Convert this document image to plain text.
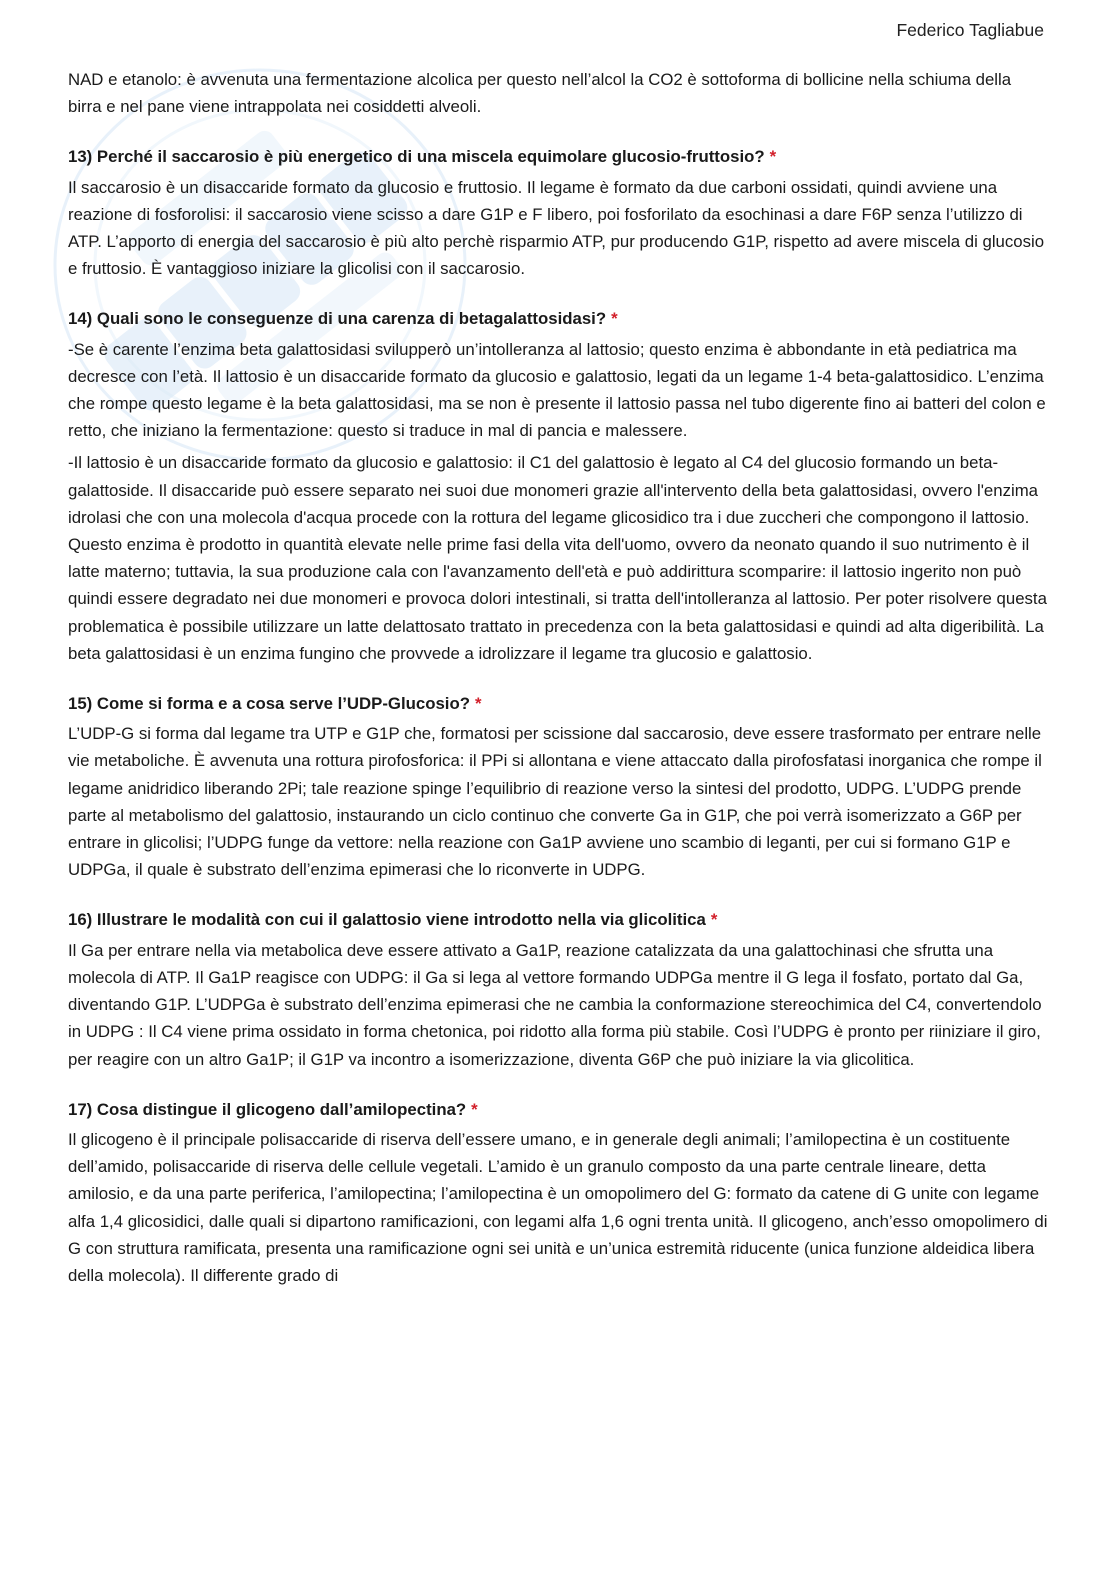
Federico Tagliabue

NAD e etanolo: è avvenuta una fermentazione alcolica per questo nell’alcol la CO2 è sottoforma di bollicine nella schiuma della birra e nel pane viene intrappolata nei cosiddetti alveoli.

13) Perché il saccarosio è più energetico di una miscela equimolare glucosio-fruttosio? *

Il saccarosio è un disaccaride formato da glucosio e fruttosio. Il legame è formato da due carboni ossidati, quindi avviene una reazione di fosforolisi: il saccarosio viene scisso a dare G1P e F libero, poi fosforilato da esochinasi a dare F6P senza l’utilizzo di ATP. L’apporto di energia del saccarosio è più alto perchè risparmio ATP, pur producendo G1P, rispetto ad avere miscela di glucosio e fruttosio. È vantaggioso iniziare la glicolisi con il saccarosio.

14) Quali sono le conseguenze di una carenza di betagalattosidasi? *

-Se è carente l’enzima beta galattosidasi svilupperò un’intolleranza al lattosio; questo enzima è abbondante in età pediatrica ma decresce con l’età. Il lattosio è un disaccaride formato da glucosio e galattosio, legati da un legame 1-4 beta-galattosidico. L’enzima che rompe questo legame è la beta galattosidasi, ma se non è presente il lattosio passa nel tubo digerente fino ai batteri del colon e retto, che iniziano la fermentazione: questo si traduce in mal di pancia e malessere.

-Il lattosio è un disaccaride formato da glucosio e galattosio: il C1 del galattosio è legato al C4 del glucosio formando un beta-galattoside. Il disaccaride può essere separato nei suoi due monomeri grazie all'intervento della beta galattosidasi, ovvero l'enzima idrolasi che con una molecola d'acqua procede con la rottura del legame glicosidico tra i due zuccheri che compongono il lattosio. Questo enzima è prodotto in quantità elevate nelle prime fasi della vita dell'uomo, ovvero da neonato quando il suo nutrimento è il latte materno; tuttavia, la sua produzione cala con l'avanzamento dell'età e può addirittura scomparire: il lattosio ingerito non può quindi essere degradato nei due monomeri e provoca dolori intestinali, si tratta dell'intolleranza al lattosio. Per poter risolvere questa problematica è possibile utilizzare un latte delattosato trattato in precedenza con la beta galattosidasi e quindi ad alta digeribilità. La beta galattosidasi è un enzima fungino che provvede a idrolizzare il legame tra glucosio e galattosio.

15) Come si forma e a cosa serve l’UDP-Glucosio? *

L’UDP-G si forma dal legame tra UTP e G1P che, formatosi per scissione dal saccarosio, deve essere trasformato per entrare nelle vie metaboliche. È avvenuta una rottura pirofosforica: il PPi si allontana e viene attaccato dalla pirofosfatasi inorganica che rompe il legame anidridico liberando 2Pi; tale reazione spinge l’equilibrio di reazione verso la sintesi del prodotto, UDPG. L’UDPG prende parte al metabolismo del galattosio, instaurando un ciclo continuo che converte Ga in G1P, che poi verrà isomerizzato a G6P per entrare in glicolisi; l’UDPG funge da vettore: nella reazione con Ga1P avviene uno scambio di leganti, per cui si formano G1P e UDPGa, il quale è substrato dell’enzima epimerasi che lo riconverte in UDPG.

16) Illustrare le modalità con cui il galattosio viene introdotto nella via glicolitica *

Il Ga per entrare nella via metabolica deve essere attivato a Ga1P, reazione catalizzata da una galattochinasi che sfrutta una molecola di ATP. Il Ga1P reagisce con UDPG: il Ga si lega al vettore formando UDPGa mentre il G lega il fosfato, portato dal Ga, diventando G1P. L’UDPGa è substrato dell’enzima epimerasi che ne cambia la conformazione stereochimica del C4, convertendolo in UDPG : Il C4 viene prima ossidato in forma chetonica, poi ridotto alla forma più stabile. Così l’UDPG è pronto per riiniziare il giro, per reagire con un altro Ga1P; il G1P va incontro a isomerizzazione, diventa G6P che può iniziare la via glicolitica.

17) Cosa distingue il glicogeno dall’amilopectina? *

Il glicogeno è il principale polisaccaride di riserva dell’essere umano, e in generale degli animali; l’amilopectina è un costituente dell’amido, polisaccaride di riserva delle cellule vegetali. L’amido è un granulo composto da una parte centrale lineare, detta amilosio, e da una parte periferica, l’amilopectina; l’amilopectina è un omopolimero del G: formato da catene di G unite con legame alfa 1,4 glicosidici, dalle quali si dipartono ramificazioni, con legami alfa 1,6 ogni trenta unità. Il glicogeno, anch’esso omopolimero di G con struttura ramificata, presenta una ramificazione ogni sei unità e un’unica estremità riducente (unica funzione aldeidica libera della molecola). Il differente grado di
